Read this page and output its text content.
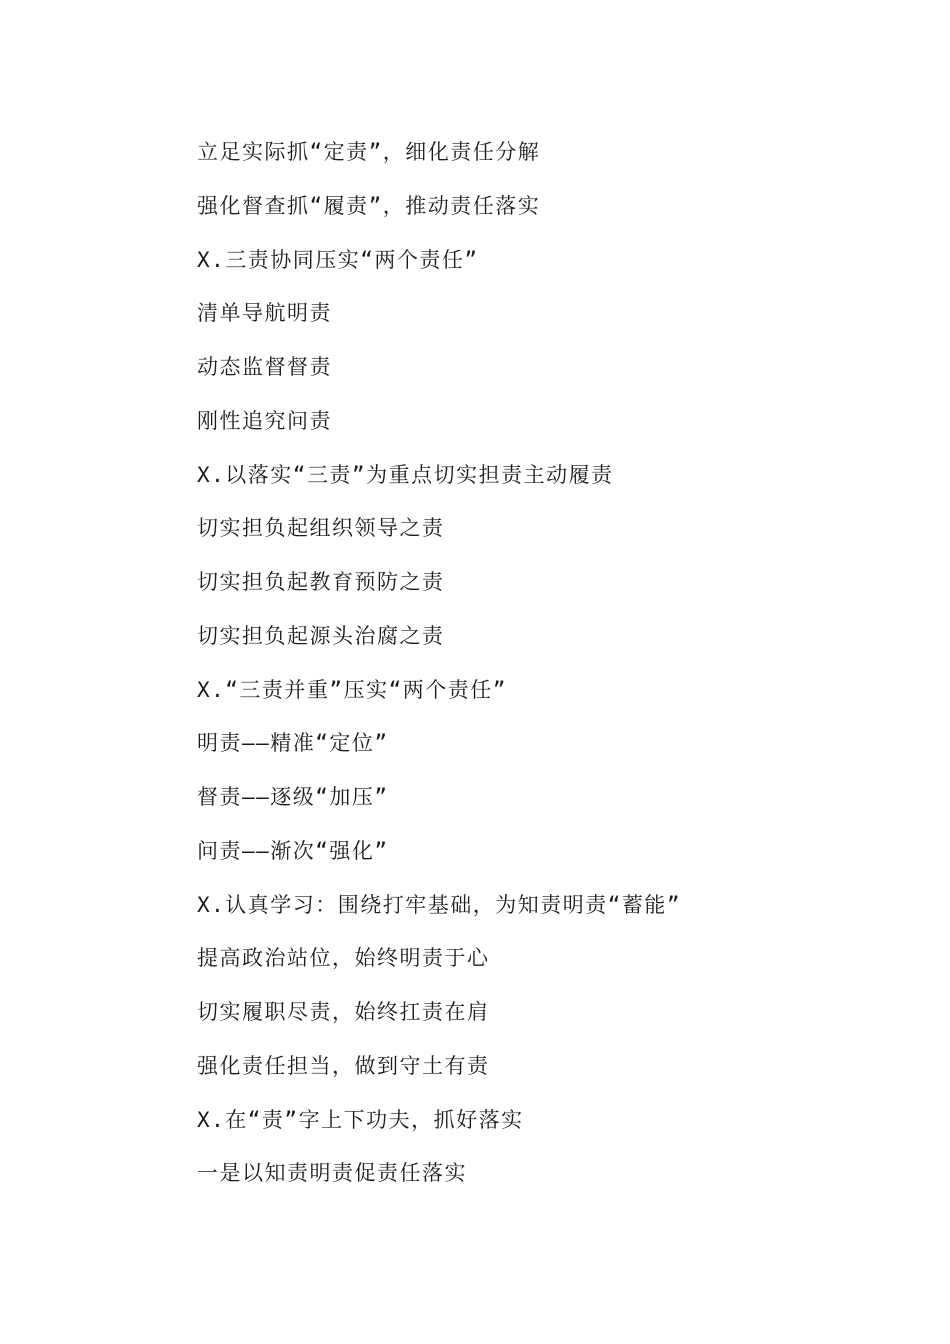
立足实际抓“定责”，细化责任分解
强化督查抓“履责”，推动责任落实
X.三责协同压实“两个责任”
清单导航明责
动态监督督责
刚性追究问责
X.以落实“三责”为重点切实担责主动履责
切实担负起组织领导之责
切实担负起教育预防之责
切实担负起源头治腐之责
X.“三责并重”压实“两个责任”
明责——精准“定位”
督责——逐级“加压”
问责——渐次“强化”
X.认真学习：围绕打牢基础，为知责明责“蓄能”
提高政治站位，始终明责于心
切实履职尽责，始终扛责在肩
强化责任担当，做到守土有责
X.在“责”字上下功夫，抓好落实
一是以知责明责促责任落实
